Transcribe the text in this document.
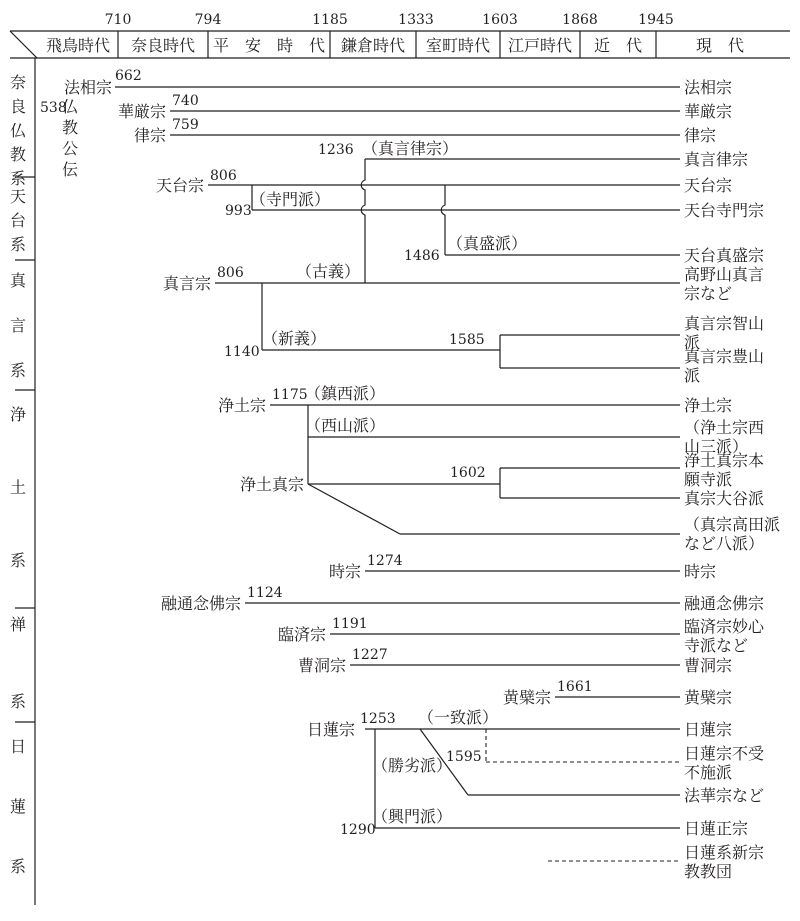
710	794	1185	1333	1603	1868	1945
飛鳥時代 奈良時代 平　安　時　代 鎌倉時代 室町時代 江戸時代 近　代	現　代
奈良仏教系
天台系
真言系
浄土系
禅系
日蓮系
538
仏教公伝
法相宗
華厳宗
律宗
天台宗
真言宗
浄土宗
浄土真宗
時宗
融通念佛宗
臨済宗
曹洞宗
黄檗宗
日蓮宗
（真言律宗）
（寺門派）
（真盛派）
（古義）
（新義）
（鎮西派）
（西山派）
（一致派）
（勝劣派）
（興門派）
662
740
759
1236
806
993
1486
806
1140
1585
1175
1602
1274
1124
1191
1227
1661
1253
1595
1290
法相宗
華厳宗
律宗
真言律宗
天台宗
天台寺門宗
天台真盛宗
高野山真言
宗など
真言宗智山
派
真言宗豊山
派
浄土宗
（浄土宗西
山三派）
浄土真宗本
願寺派
真宗大谷派
（真宗高田派
など八派）
時宗
融通念佛宗
臨済宗妙心
寺派など
曹洞宗
黄檗宗
日蓮宗
日蓮宗不受
不施派
法華宗など
日蓮正宗
日蓮系新宗
教教団
